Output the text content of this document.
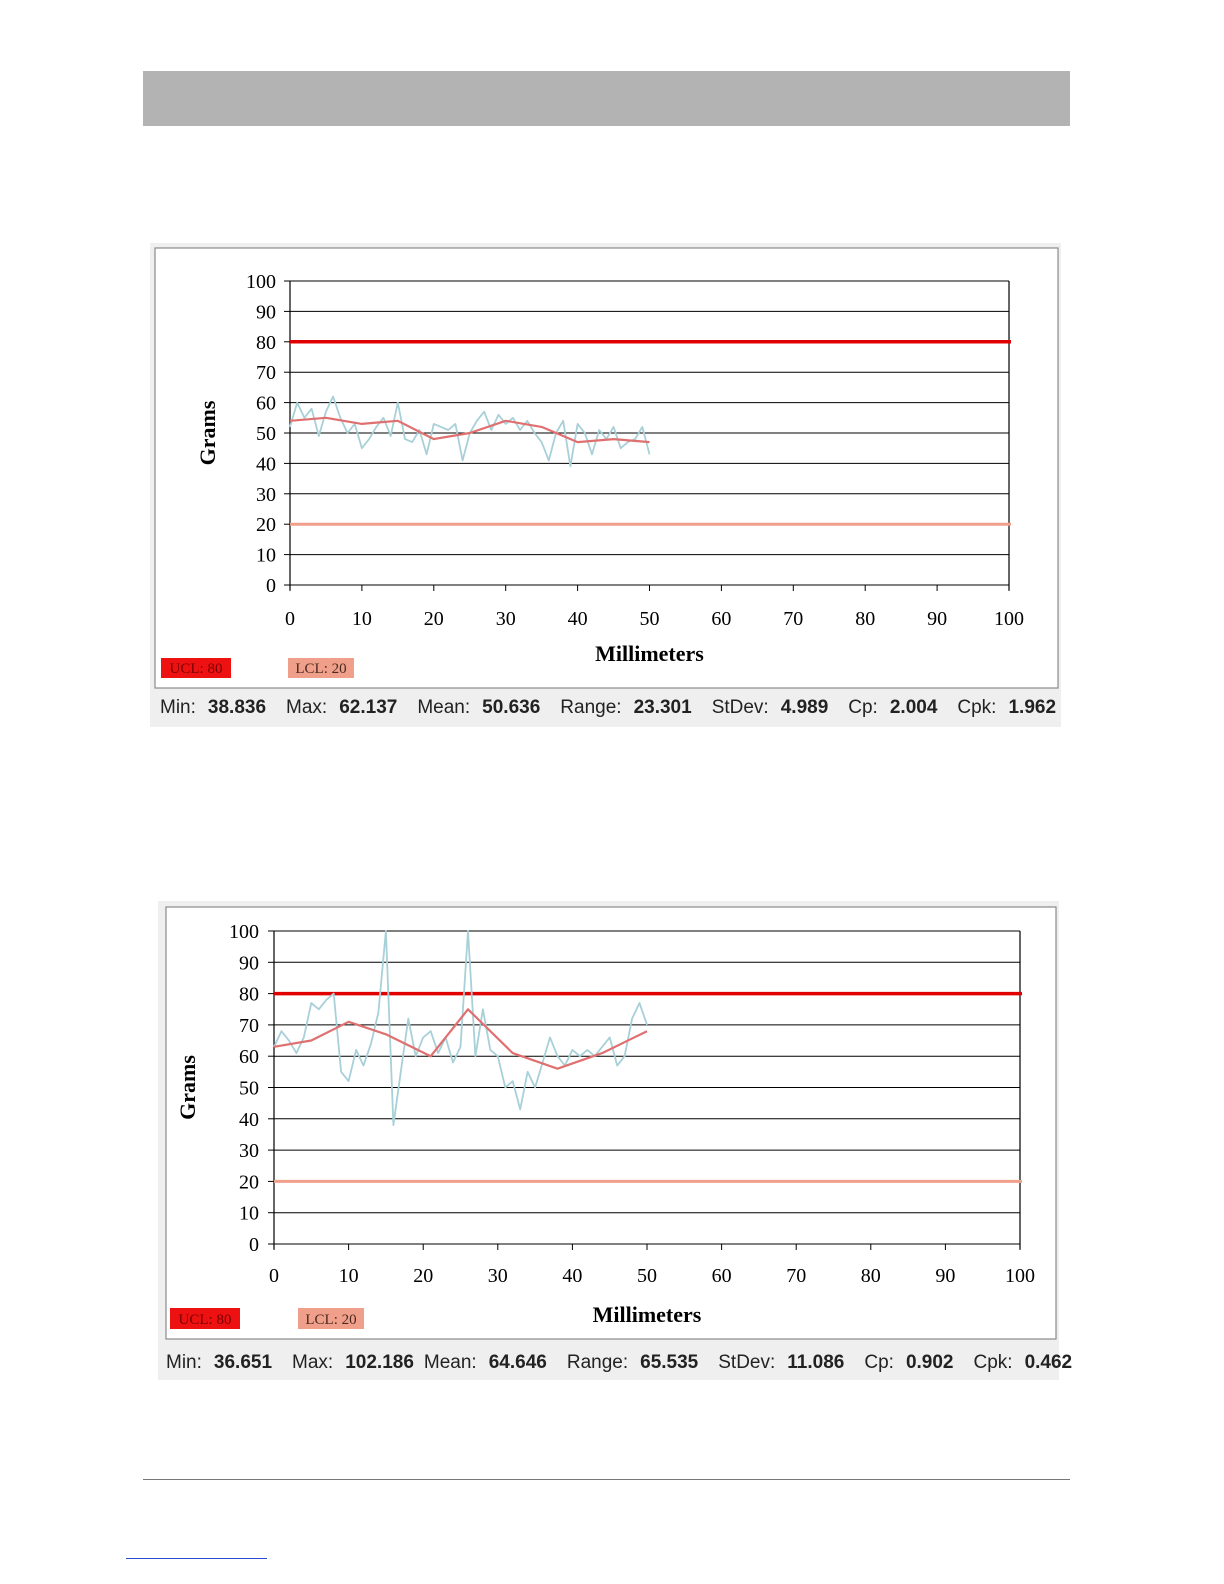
0
10
20
30
40
50
60
70
80
90
100
0	10	20	30	40	50	60	70	80	90 100
Millimeters
Grams
UCL: 80	LCL: 20
Min: 38.836 Max: 62.137 Mean: 50.636 Range: 23.301 StDev: 4.989 Cp: 2.004 Cpk: 1.962
0
10
20
30
40
50
60
70
80
90
100
0	10	20	30	40	50	60	70	80	90 100
Millimeters
Grams
UCL: 80	LCL: 20
Min: 36.651 Max: 102.186 Mean: 64.646 Range: 65.535 StDev: 11.086 Cp: 0.902 Cpk: 0.462
